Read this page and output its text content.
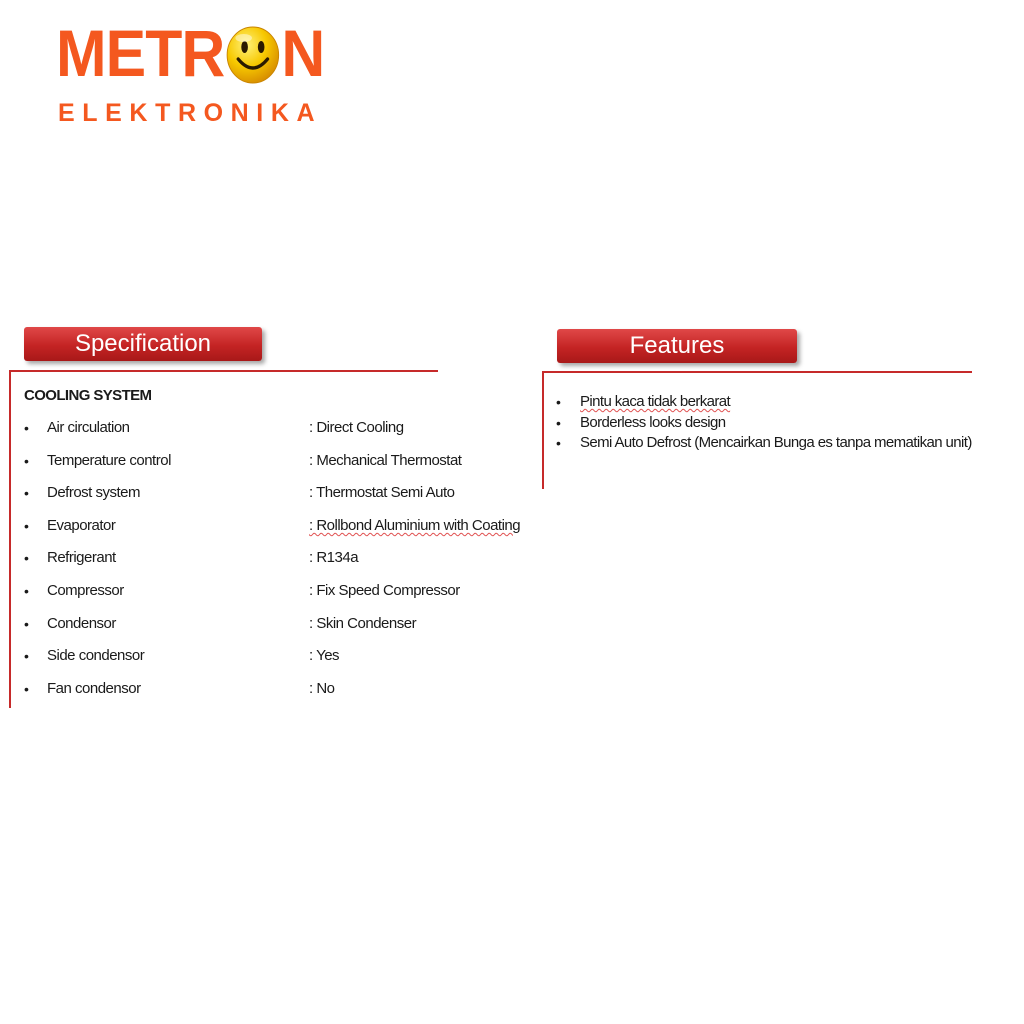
METR N
ELEKTRONIKA
Specification
COOLING SYSTEM
•	Air circulation	: Direct Cooling
•	Temperature control	: Mechanical Thermostat
•	Defrost system	: Thermostat Semi Auto
•	Evaporator	: Rollbond Aluminium with Coating
•	Refrigerant	: R134a
•	Compressor	: Fix Speed Compressor
•	Condensor	: Skin Condenser
•	Side condensor	: Yes
•	Fan condensor	: No
Features
•	Pintu kaca tidak berkarat
•	Borderless looks design
•	Semi Auto Defrost (Mencairkan Bunga es tanpa mematikan unit)
